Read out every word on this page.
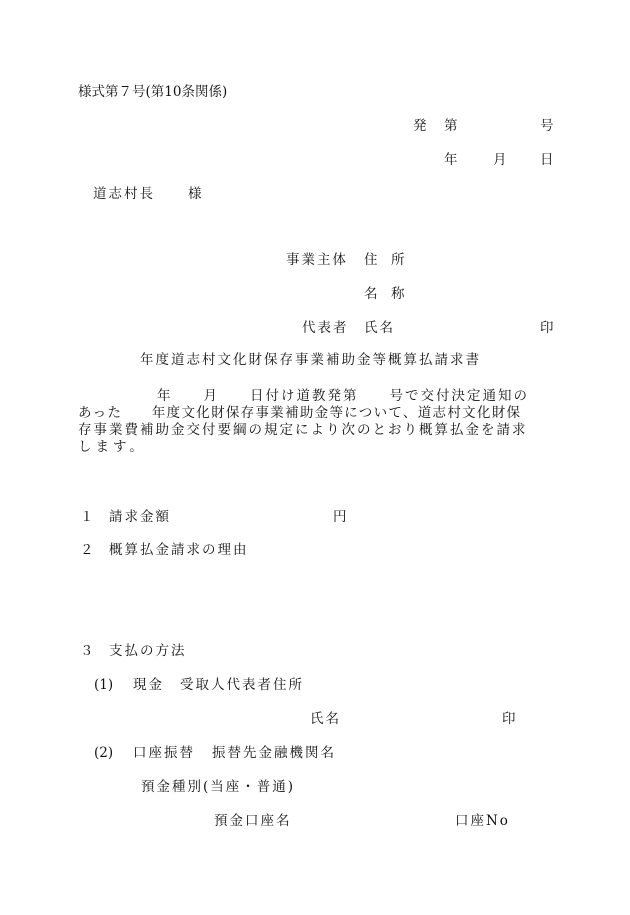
様式第７号(第10条関係)
発 第	号
年	月 日
道志村長 様
事業主体 住　所
名　称
代表者 氏名	印
年度道志村文化財保存事業補助金等概算払請求書
年　　月　　日付け道教発第　　号で交付決定通知の
あった　　年度文化財保存事業補助金等について、道志村文化財保
存事業費補助金交付要綱の規定により次のとおり概算払金を請求
します。
１ 請求金額	円
２ 概算払金請求の理由
３ 支払の方法
(1) 現金 受取人代表者住所
氏名	印
(2) 口座振替 振替先金融機関名
預金種別(当座・普通)
預金口座名	口座No
